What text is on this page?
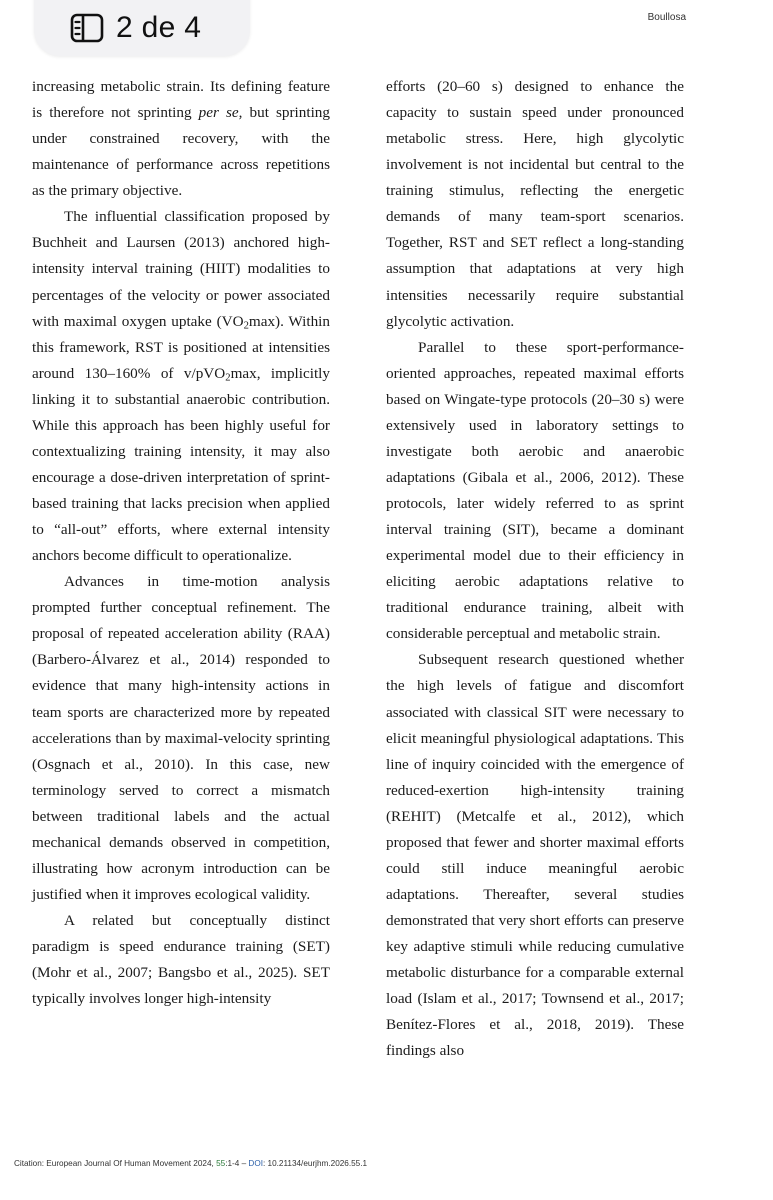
2 de 4	Boullosa

increasing metabolic strain. Its defining feature is therefore not sprinting per se, but sprinting under constrained recovery, with the maintenance of performance across repetitions as the primary objective.

The influential classification proposed by Buchheit and Laursen (2013) anchored high-intensity interval training (HIIT) modalities to percentages of the velocity or power associated with maximal oxygen uptake $(VO_2\max)$. Within this framework, RST is positioned at intensities around 130–160% of v/pVO$_2$max, implicitly linking it to substantial anaerobic contribution. While this approach has been highly useful for contextualizing training intensity, it may also encourage a dose-driven interpretation of sprint-based training that lacks precision when applied to “all-out” efforts, where external intensity anchors become difficult to operationalize.

Advances in time-motion analysis prompted further conceptual refinement. The proposal of repeated acceleration ability (RAA) (Barbero-Álvarez et al., 2014) responded to evidence that many high-intensity actions in team sports are characterized more by repeated accelerations than by maximal-velocity sprinting (Osgnach et al., 2010). In this case, new terminology served to correct a mismatch between traditional labels and the actual mechanical demands observed in competition, illustrating how acronym introduction can be justified when it improves ecological validity.

A related but conceptually distinct paradigm is speed endurance training (SET) (Mohr et al., 2007; Bangsbo et al., 2025). SET typically involves longer high-intensity

efforts (20–60 s) designed to enhance the capacity to sustain speed under pronounced metabolic stress. Here, high glycolytic involvement is not incidental but central to the training stimulus, reflecting the energetic demands of many team-sport scenarios. Together, RST and SET reflect a long-standing assumption that adaptations at very high intensities necessarily require substantial glycolytic activation.

Parallel to these sport-performance-oriented approaches, repeated maximal efforts based on Wingate-type protocols (20–30 s) were extensively used in laboratory settings to investigate both aerobic and anaerobic adaptations (Gibala et al., 2006, 2012). These protocols, later widely referred to as sprint interval training (SIT), became a dominant experimental model due to their efficiency in eliciting aerobic adaptations relative to traditional endurance training, albeit with considerable perceptual and metabolic strain.

Subsequent research questioned whether the high levels of fatigue and discomfort associated with classical SIT were necessary to elicit meaningful physiological adaptations. This line of inquiry coincided with the emergence of reduced-exertion high-intensity training (REHIT) (Metcalfe et al., 2012), which proposed that fewer and shorter maximal efforts could still induce meaningful aerobic adaptations. Thereafter, several studies demonstrated that very short efforts can preserve key adaptive stimuli while reducing cumulative metabolic disturbance for a comparable external load (Islam et al., 2017; Townsend et al., 2017; Benítez-Flores et al., 2018, 2019). These findings also

Citation: European Journal Of Human Movement 2024, 55:1-4 – DOI: 10.21134/eurjhm.2026.55.1
